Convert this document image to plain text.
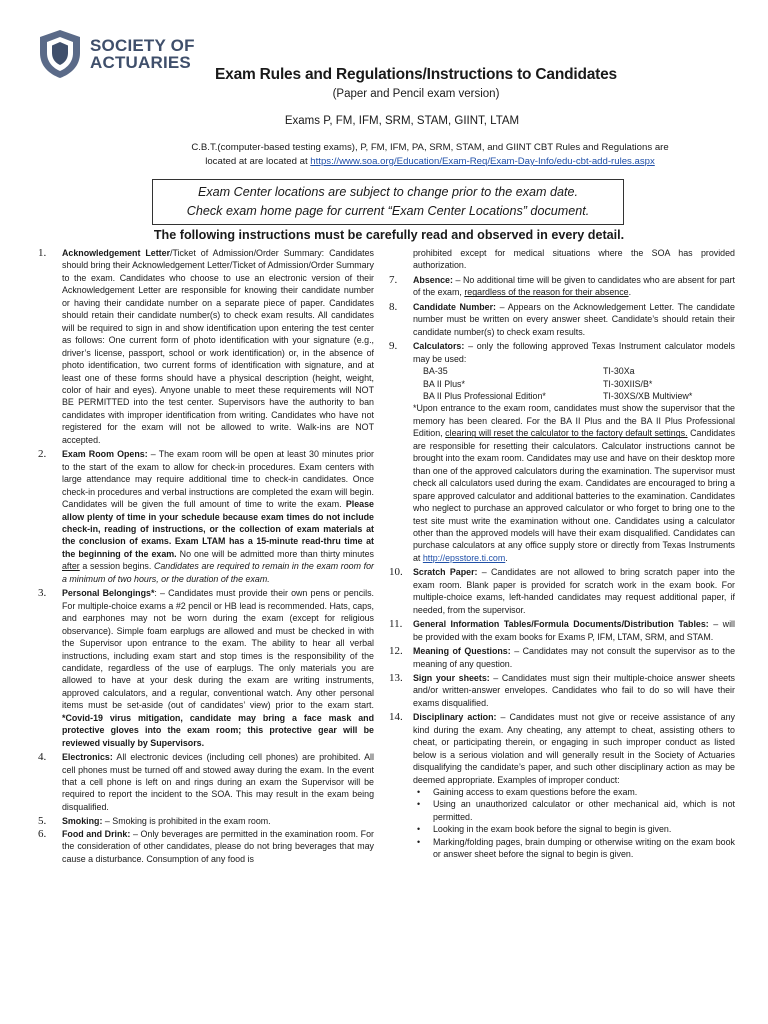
SOCIETY OF
ACTUARIES
Exam Rules and Regulations/Instructions to Candidates
(Paper and Pencil exam version)
Exams P, FM, IFM, SRM, STAM, GIINT, LTAM
C.B.T.(computer-based testing exams), P, FM, IFM, PA, SRM, STAM, and GIINT CBT Rules and Regulations are
located at are located at https://www.soa.org/Education/Exam-Req/Exam-Day-Info/edu-cbt-add-rules.aspx
Exam Center locations are subject to change prior to the exam date.
Check exam home page for current “Exam Center Locations” document.
The following instructions must be carefully read and observed in every detail.
1.	Acknowledgement Letter/Ticket of Admission/Order Summary: Candidates should bring their Acknowledgement Letter/Ticket of Admission/Order Summary to the exam. Candidates who choose to use an electronic version of their Acknowledgement Letter are responsible for knowing their candidate number or having their candidate number on a separate piece of paper. Candidates should retain their candidate number(s) to check exam results. All candidates will be required to sign in and show identification upon entering the test center as follows: One current form of photo identification with your signature (e.g., driver’s license, passport, school or work identification) or, in the absence of photo identification, two current forms of identification with signature, and at least one of these forms should have a physical description (height, weight, color of hair and eyes). Anyone unable to meet these requirements will NOT BE PERMITTED into the test center. Supervisors have the authority to ban candidates with improper identification from writing. Candidates who have not registered for the exam will not be allowed to write. Walk-ins are NOT accepted.
2.	Exam Room Opens: – The exam room will be open at least 30 minutes prior to the start of the exam to allow for check-in procedures. Exam centers with large attendance may require additional time to check-in candidates. Once check-in procedures and verbal instructions are completed the exam will begin. Candidates will be given the full amount of time to write the exam. Please allow plenty of time in your schedule because exam times do not include check-in, reading of instructions, or the collection of exam materials at the conclusion of exams. Exam LTAM has a 15-minute read-thru time at the beginning of the exam. No one will be admitted more than thirty minutes after a session begins. Candidates are required to remain in the exam room for a minimum of two hours, or the duration of the exam.
3.	Personal Belongings*: – Candidates must provide their own pens or pencils. For multiple-choice exams a #2 pencil or HB lead is recommended. Hats, caps, and earphones may not be worn during the exam (except for religious observance). Simple foam earplugs are allowed and must be checked in with the Supervisor upon entrance to the exam. The ability to hear all verbal instructions, including exam start and stop times is the responsibility of the candidate, regardless of the use of earplugs. The only materials you are allowed to have at your desk during the exam are writing instruments, approved calculators, and a regular, conventional watch. Any other personal items must be set-aside (out of candidates’ view) prior to the exam start. *Covid-19 virus mitigation, candidate may bring a face mask and protective gloves into the exam room; this protective gear will be reviewed visually by Supervisors.
4.	Electronics: All electronic devices (including cell phones) are prohibited. All cell phones must be turned off and stowed away during the exam. In the event that a cell phone is left on and rings during an exam the Supervisor will be required to report the incident to the SOA. This may result in the exam being disqualified.
5.	Smoking: – Smoking is prohibited in the exam room.
6.	Food and Drink: – Only beverages are permitted in the examination room. For the consideration of other candidates, please do not bring beverages that may cause a disturbance. Consumption of any food is
prohibited except for medical situations where the SOA has provided authorization.
7.	Absence: – No additional time will be given to candidates who are absent for part of the exam, regardless of the reason for their absence.
8.	Candidate Number: – Appears on the Acknowledgement Letter. The candidate number must be written on every answer sheet. Candidate’s should retain their candidate number(s) to check exam results.
9.	Calculators: – only the following approved Texas Instrument calculator models may be used:
BA-35	TI-30Xa
BA II Plus*	TI-30XIIS/B*
BA II Plus Professional Edition*	TI-30XS/XB Multiview*
*Upon entrance to the exam room, candidates must show the supervisor that the memory has been cleared. For the BA II Plus and the BA II Plus Professional Edition, clearing will reset the calculator to the factory default settings. Candidates are responsible for resetting their calculators. Calculator instructions cannot be brought into the exam room. Candidates may use and have on their desktop more than one of the approved calculators during the examination. The supervisor must check all calculators used during the exam. Candidates are encouraged to bring a spare approved calculator and additional batteries to the examination. Candidates who neglect to purchase an approved calculator or who forget to bring one to the test site must write the examination without one. Candidates using a calculator other than the approved models will have their exam disqualified. Candidates can purchase calculators at any office supply store or directly from Texas Instruments at http://epsstore.ti.com.
10.	Scratch Paper: – Candidates are not allowed to bring scratch paper into the exam room. Blank paper is provided for scratch work in the exam book. For multiple-choice exams, left-handed candidates may request additional paper, if needed, from the supervisor.
11.	General Information Tables/Formula Documents/Distribution Tables: – will be provided with the exam books for Exams P, IFM, LTAM, SRM, and STAM.
12.	Meaning of Questions: – Candidates may not consult the supervisor as to the meaning of any question.
13.	Sign your sheets: – Candidates must sign their multiple-choice answer sheets and/or written-answer envelopes. Candidates who fail to do so will have their exams disqualified.
14.	Disciplinary action: – Candidates must not give or receive assistance of any kind during the exam. Any cheating, any attempt to cheat, assisting others to cheat, or participating therein, or engaging in such improper conduct as listed below is a serious violation and will generally result in the Society of Actuaries disqualifying the candidate’s paper, and such other disciplinary action as may be deemed appropriate. Examples of improper conduct:
•	Gaining access to exam questions before the exam.
•	Using an unauthorized calculator or other mechanical aid, which is not permitted.
•	Looking in the exam book before the signal to begin is given.
•	Marking/folding pages, brain dumping or otherwise writing on the exam book or answer sheet before the signal to begin is given.
